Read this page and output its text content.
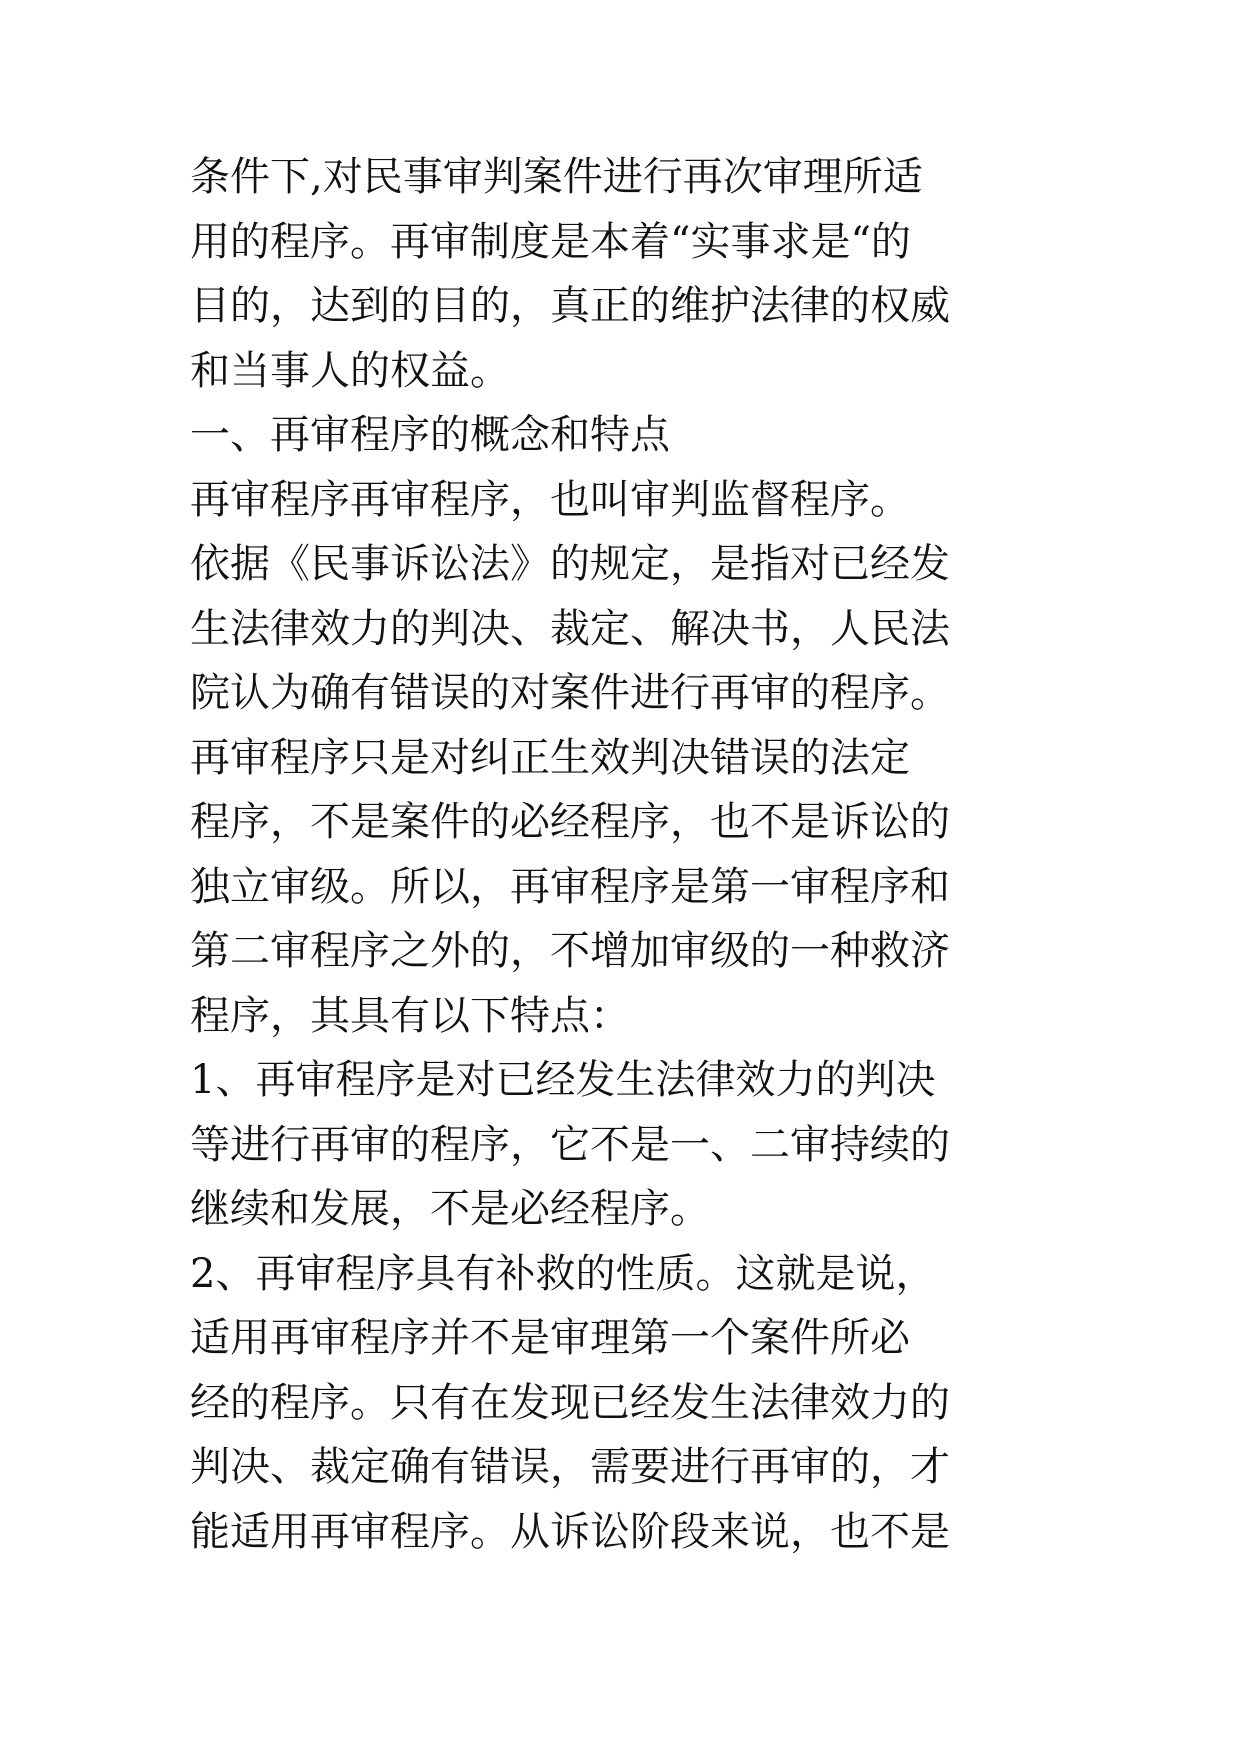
条件下,对民事审判案件进行再次审理所适
用的程序。再审制度是本着“实事求是“的
目的，达到的目的，真正的维护法律的权威
和当事人的权益。
一、再审程序的概念和特点
再审程序再审程序，也叫审判监督程序。
依据《民事诉讼法》的规定，是指对已经发
生法律效力的判决、裁定、解决书，人民法
院认为确有错误的对案件进行再审的程序。
再审程序只是对纠正生效判决错误的法定
程序，不是案件的必经程序，也不是诉讼的
独立审级。所以，再审程序是第一审程序和
第二审程序之外的，不增加审级的一种救济
程序，其具有以下特点：
1、再审程序是对已经发生法律效力的判决
等进行再审的程序，它不是一、二审持续的
继续和发展，不是必经程序。
2、再审程序具有补救的性质。这就是说，
适用再审程序并不是审理第一个案件所必
经的程序。只有在发现已经发生法律效力的
判决、裁定确有错误，需要进行再审的，才
能适用再审程序。从诉讼阶段来说，也不是
